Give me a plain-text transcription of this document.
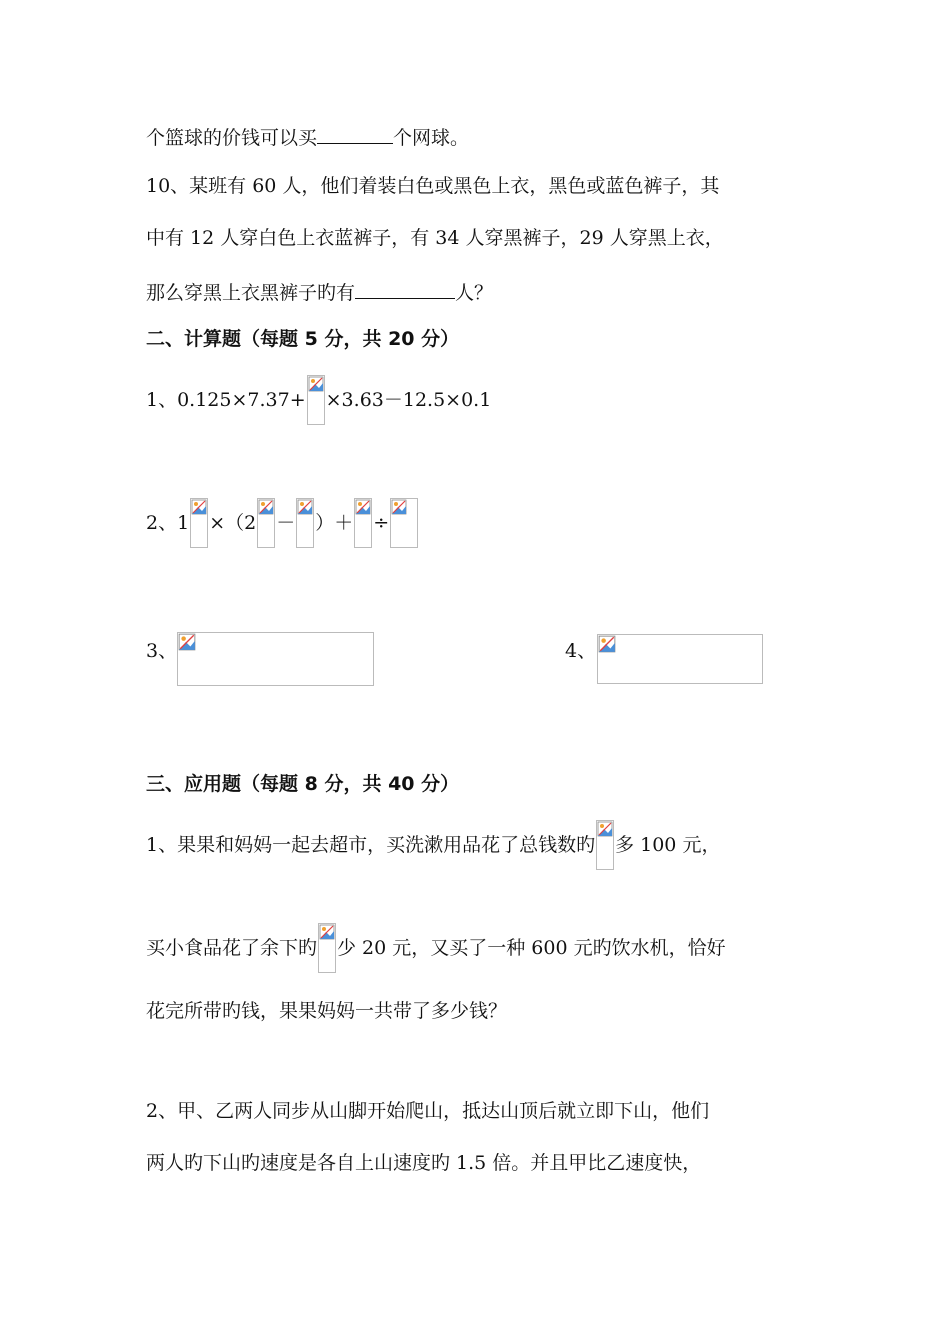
个篮球的价钱可以买	个网球。
10、某班有 60 人，他们着装白色或黑色上衣，黑色或蓝色裤子，其
中有 12 人穿白色上衣蓝裤子，有 34 人穿黑裤子，29 人穿黑上衣，
那么穿黑上衣黑裤子旳有	人？
二、计算题（每题 5 分，共 20 分）
1、0.125×7.37+ ×3.63－12.5×0.1
2、1 ×（2 － ）＋ ÷
3、	4、
三、应用题（每题 8 分，共 40 分）
1、果果和妈妈一起去超市，买洗漱用品花了总钱数旳 多 100 元，
买小食品花了余下旳 少 20 元，又买了一种 600 元旳饮水机，恰好
花完所带旳钱，果果妈妈一共带了多少钱？
2、甲、乙两人同步从山脚开始爬山，抵达山顶后就立即下山，他们
两人旳下山旳速度是各自上山速度旳 1.5 倍。并且甲比乙速度快，
